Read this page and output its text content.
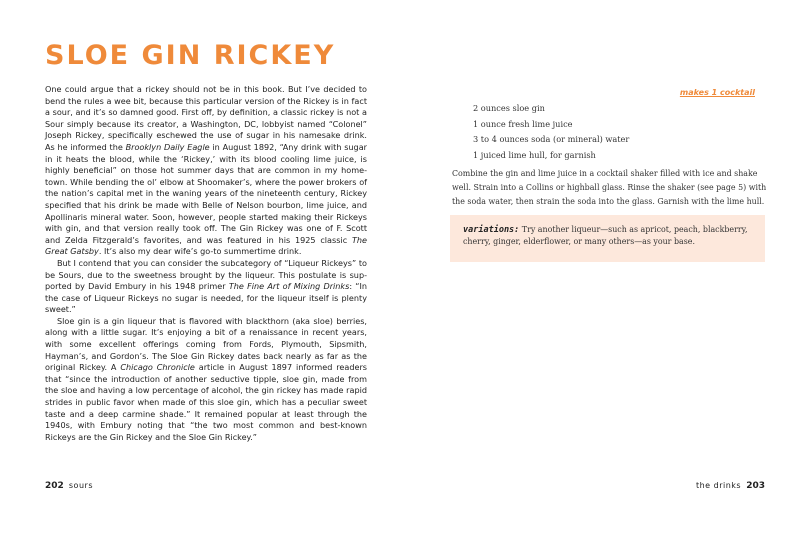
SLOE GIN RICKEY

One could argue that a rickey should not be in this book. But I’ve decided to bend the rules a wee bit, because this particular version of the Rickey is in fact a sour, and it’s so damned good. First off, by definition, a classic rickey is not a Sour simply because its creator, a Washington, DC, lobbyist named “Colonel” Joseph Rickey, specifically eschewed the use of sugar in his namesake drink. As he informed the Brooklyn Daily Eagle in August 1892, “Any drink with sugar in it heats the blood, while the ‘Rickey,’ with its blood cooling lime juice, is highly beneficial” on those hot summer days that are common in my home-town. While bending the ol’ elbow at Shoomaker’s, where the power brokers of the nation’s capital met in the waning years of the nineteenth century, Rickey specified that his drink be made with Belle of Nelson bourbon, lime juice, and Apollinaris mineral water. Soon, however, people started making their Rickeys with gin, and that version really took off. The Gin Rickey was one of F. Scott and Zelda Fitzgerald’s favorites, and was featured in his 1925 classic The Great Gatsby. It’s also my dear wife’s go-to summertime drink.

But I contend that you can consider the subcategory of “Liqueur Rickeys” to be Sours, due to the sweetness brought by the liqueur. This postulate is sup-ported by David Embury in his 1948 primer The Fine Art of Mixing Drinks: “In the case of Liqueur Rickeys no sugar is needed, for the liqueur itself is plenty sweet.”

Sloe gin is a gin liqueur that is flavored with blackthorn (aka sloe) berries, along with a little sugar. It’s enjoying a bit of a renaissance in recent years, with some excellent offerings coming from Fords, Plymouth, Sipsmith, Hayman’s, and Gordon’s. The Sloe Gin Rickey dates back nearly as far as the original Rickey. A Chicago Chronicle article in August 1897 informed readers that “since the introduction of another seductive tipple, sloe gin, made from the sloe and having a low percentage of alcohol, the gin rickey has made rapid strides in public favor when made of this sloe gin, which has a peculiar sweet taste and a deep carmine shade.” It remained popular at least through the 1940s, with Embury noting that “the two most common and best-known Rickeys are the Gin Rickey and the Sloe Gin Rickey.”

202 sours
makes 1 cocktail
2 ounces sloe gin
1 ounce fresh lime juice
3 to 4 ounces soda (or mineral) water
1 juiced lime hull, for garnish

Combine the gin and lime juice in a cocktail shaker filled with ice and shake well. Strain into a Collins or highball glass. Rinse the shaker (see page 5) with the soda water, then strain the soda into the glass. Garnish with the lime hull.

variations: Try another liqueur—such as apricot, peach, blackberry, cherry, ginger, elderflower, or many others—as your base.
the drinks 203
